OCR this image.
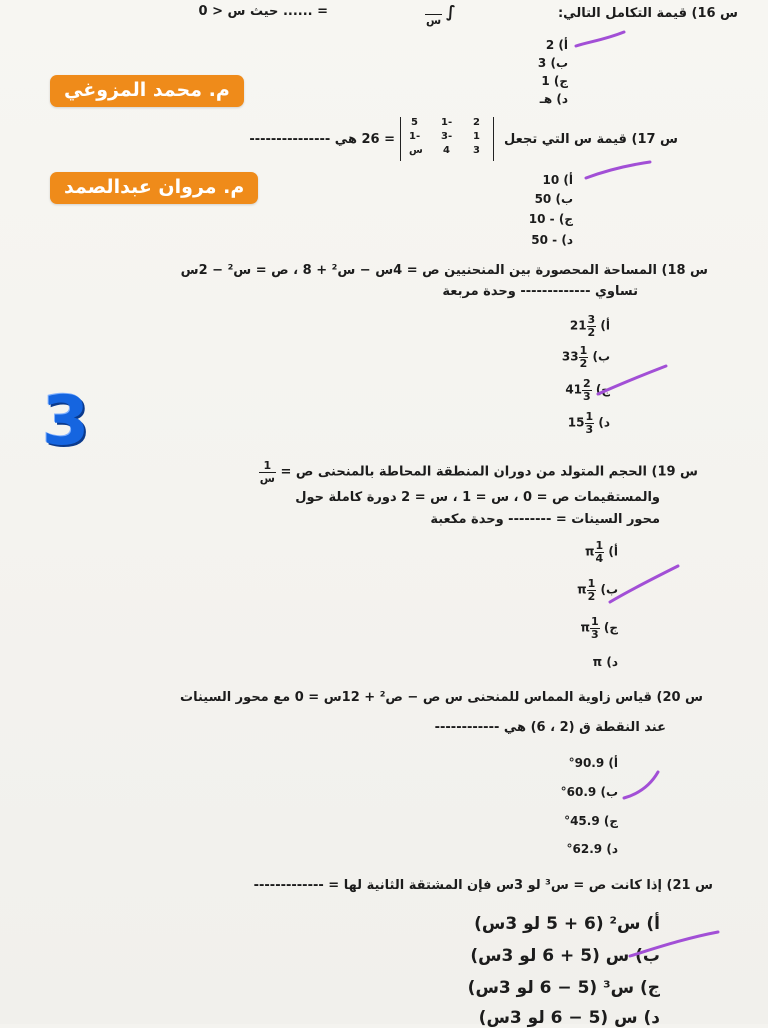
س 16) قيمة التكامل التالي:

س ∫
= ...... حيث س < 0
أ) 2
ب) 3
ج) 1
د) هـ
م. محمد المزوغي
س 17) قيمة س التي تجعل
2
1-
5
1
3-
1-
3
4
س
= 26 هي ---------------
م. مروان عبدالصمد	أ) 10
ب) 50
ج) - 10
د) - 50
س 18) المساحة المحصورة بين المنحنيين ص = 4س − س² + 8 ، ص = س² − 2س
تساوي ------------- وحدة مربعة
أ) $21 \frac{3}{2}$
ب) $33 \frac{1}{2}$
ج) $41 \frac{2}{3}$
د) $15 \frac{1}{3}$
3
س 19) الحجم المتولد من دوران المنطقة المحاطة بالمنحنى ص =
$\frac{1}{\text{س}}$
والمستقيمات ص = 0 ، س = 1 ، س = 2 دورة كاملة حول
محور السينات = -------- وحدة مكعبة
أ) π $\frac{1}{4}$
ب) π $\frac{1}{2}$
ج) π $\frac{1}{3}$
د) π
س 20) قياس زاوية المماس للمنحنى س ص − ص² + 12س = 0 مع محور السينات
عند النقطة ق (2 ، 6) هي ------------
أ) 90.9°
ب) 60.9°
ج) 45.9°
د) 62.9°
س 21) إذا كانت ص = س³ لو 3س فإن المشتقة الثانية لها = -------------
أ) س² (6 + 5 لو 3س)
ب) س (5 + 6 لو 3س)
ج) س³ (5 − 6 لو 3س)
د) س (5 − 6 لو 3س)
